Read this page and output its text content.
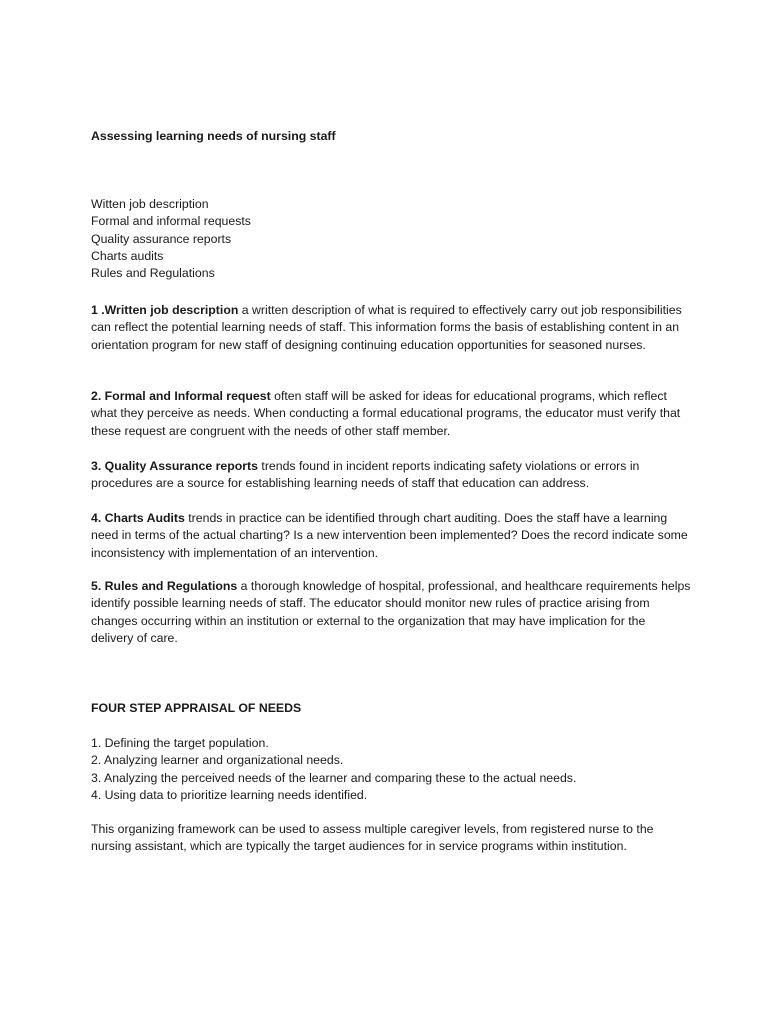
Assessing learning needs of nursing staff
Witten job description
Formal and informal requests
Quality assurance reports
Charts audits
Rules and Regulations
1 .Written job description a written description of what is required to effectively carry out job responsibilities can reflect the potential learning needs of staff. This information forms the basis of establishing content in an orientation program for new staff of designing continuing education opportunities for seasoned nurses.
2. Formal and Informal request often staff will be asked for ideas for educational programs, which reflect what they perceive as needs. When conducting a formal educational programs, the educator must verify that these request are congruent with the needs of other staff member.
3. Quality Assurance reports trends found in incident reports indicating safety violations or errors in procedures are a source for establishing learning needs of staff that education can address.
4. Charts Audits trends in practice can be identified through chart auditing. Does the staff have a learning need in terms of the actual charting? Is a new intervention been implemented? Does the record indicate some inconsistency with implementation of an intervention.
5. Rules and Regulations a thorough knowledge of hospital, professional, and healthcare requirements helps identify possible learning needs of staff. The educator should monitor new rules of practice arising from changes occurring within an institution or external to the organization that may have implication for the delivery of care.
FOUR STEP APPRAISAL OF NEEDS
1. Defining the target population.
2. Analyzing learner and organizational needs.
3. Analyzing the perceived needs of the learner and comparing these to the actual needs.
4. Using data to prioritize learning needs identified.
This organizing framework can be used to assess multiple caregiver levels, from registered nurse to the nursing assistant, which are typically the target audiences for in service programs within institution.
